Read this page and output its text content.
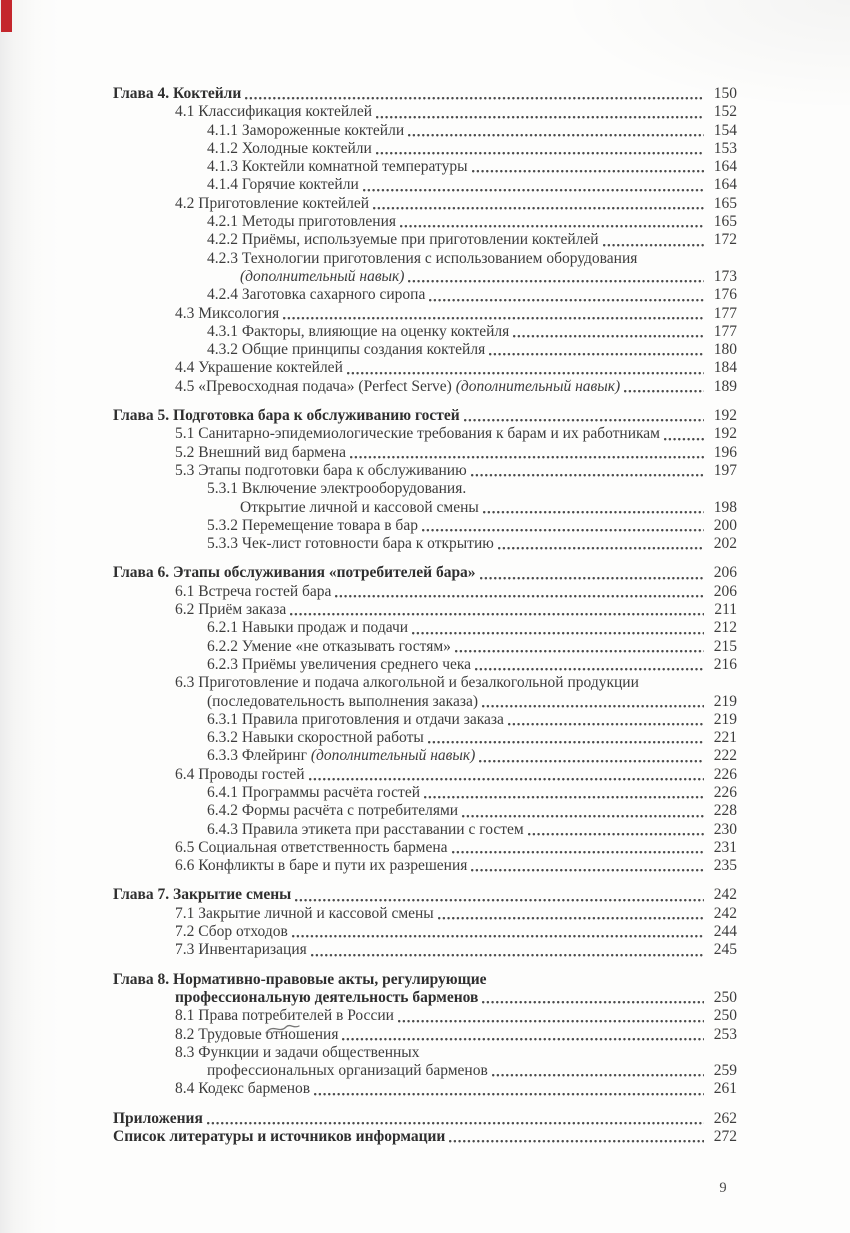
Глава 4. Коктейли	150
4.1 Классификация коктейлей	152
4.1.1 Замороженные коктейли	154
4.1.2 Холодные коктейли	153
4.1.3 Коктейли комнатной температуры	164
4.1.4 Горячие коктейли	164
4.2 Приготовление коктейлей	165
4.2.1 Методы приготовления	165
4.2.2 Приёмы, используемые при приготовлении коктейлей	172
4.2.3 Технологии приготовления с использованием оборудования
(дополнительный навык)	173
4.2.4 Заготовка сахарного сиропа	176
4.3 Миксология	177
4.3.1 Факторы, влияющие на оценку коктейля	177
4.3.2 Общие принципы создания коктейля	180
4.4 Украшение коктейлей	184
4.5 «Превосходная подача» (Perfect Serve) (дополнительный навык)	189
Глава 5. Подготовка бара к обслуживанию гостей	192
5.1 Санитарно-эпидемиологические требования к барам и их работникам	192
5.2 Внешний вид бармена	196
5.3 Этапы подготовки бара к обслуживанию	197
5.3.1 Включение электрооборудования.
Открытие личной и кассовой смены	198
5.3.2 Перемещение товара в бар	200
5.3.3 Чек-лист готовности бара к открытию	202
Глава 6. Этапы обслуживания «потребителей бара»	206
6.1 Встреча гостей бара	206
6.2 Приём заказа	211
6.2.1 Навыки продаж и подачи	212
6.2.2 Умение «не отказывать гостям»	215
6.2.3 Приёмы увеличения среднего чека	216
6.3 Приготовление и подача алкогольной и безалкогольной продукции
(последовательность выполнения заказа)	219
6.3.1 Правила приготовления и отдачи заказа	219
6.3.2 Навыки скоростной работы	221
6.3.3 Флейринг (дополнительный навык)	222
6.4 Проводы гостей	226
6.4.1 Программы расчёта гостей	226
6.4.2 Формы расчёта с потребителями	228
6.4.3 Правила этикета при расставании с гостем	230
6.5 Социальная ответственность бармена	231
6.6 Конфликты в баре и пути их разрешения	235
Глава 7. Закрытие смены	242
7.1 Закрытие личной и кассовой смены	242
7.2 Сбор отходов	244
7.3 Инвентаризация	245
Глава 8. Нормативно-правовые акты, регулирующие
профессиональную деятельность барменов	250
8.1 Права потребителей в России	250
8.2 Трудовые отношения	253
8.3 Функции и задачи общественных
профессиональных организаций барменов	259
8.4 Кодекс барменов	261
Приложения	262
Список литературы и источников информации	272
9
